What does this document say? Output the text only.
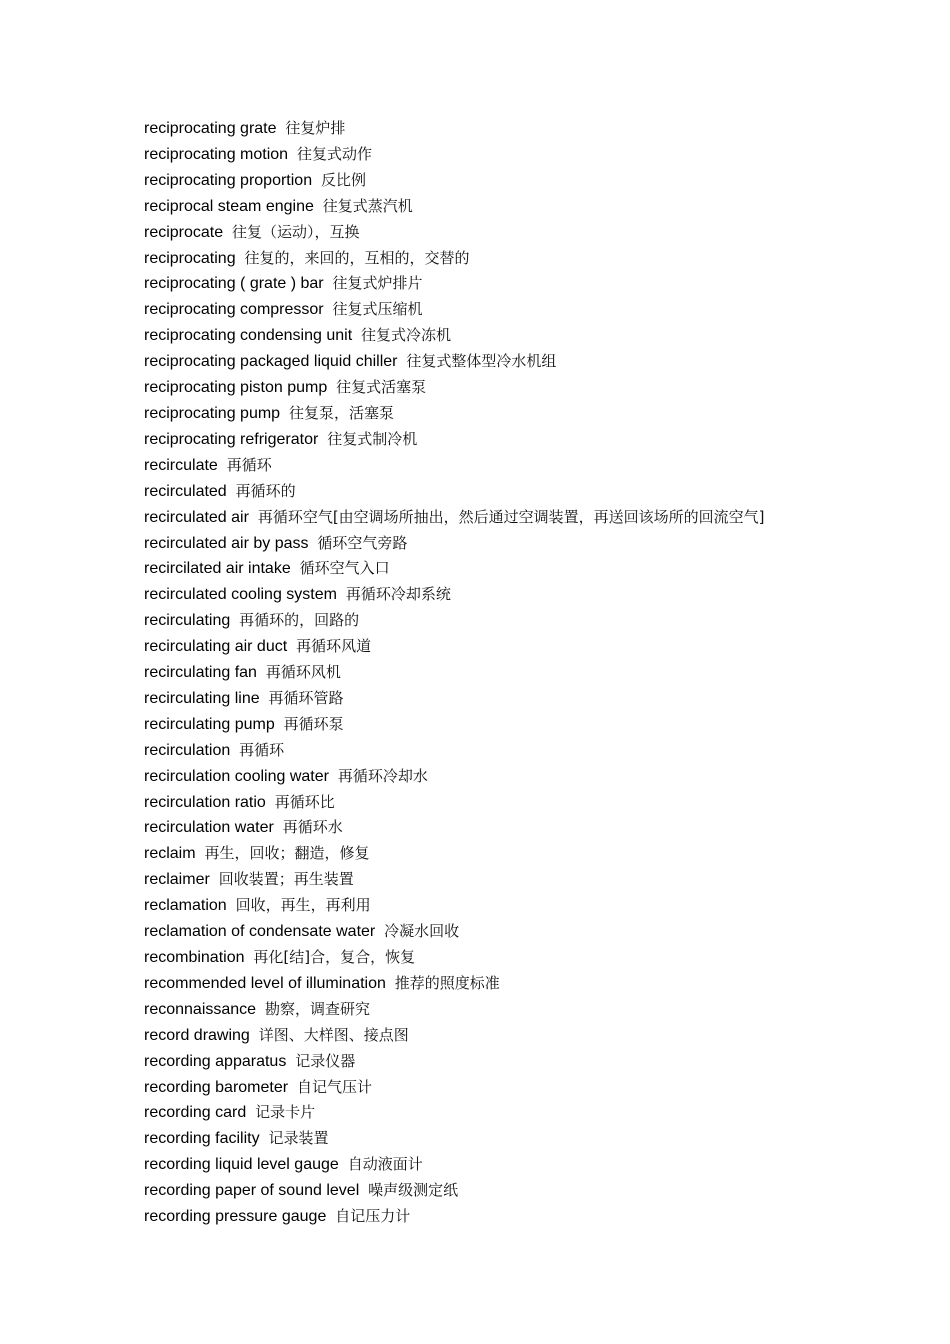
reciprocating grate 往复炉排
reciprocating motion 往复式动作
reciprocating proportion 反比例
reciprocal steam engine 往复式蒸汽机
reciprocate 往复（运动），互换
reciprocating 往复的，来回的，互相的，交替的
reciprocating ( grate ) bar 往复式炉排片
reciprocating compressor 往复式压缩机
reciprocating condensing unit 往复式冷冻机
reciprocating packaged liquid chiller 往复式整体型冷水机组
reciprocating piston pump 往复式活塞泵
reciprocating pump 往复泵，活塞泵
reciprocating refrigerator 往复式制冷机
recirculate 再循环
recirculated 再循环的
recirculated air 再循环空气[由空调场所抽出，然后通过空调装置，再送回该场所的回流空气]
recirculated air by pass 循环空气旁路
recircilated air intake 循环空气入口
recirculated cooling system 再循环冷却系统
recirculating 再循环的，回路的
recirculating air duct 再循环风道
recirculating fan 再循环风机
recirculating line 再循环管路
recirculating pump 再循环泵
recirculation 再循环
recirculation cooling water 再循环冷却水
recirculation ratio 再循环比
recirculation water 再循环水
reclaim 再生，回收；翻造，修复
reclaimer 回收装置；再生装置
reclamation 回收，再生，再利用
reclamation of condensate water 冷凝水回收
recombination 再化[结]合，复合，恢复
recommended level of illumination 推荐的照度标准
reconnaissance 勘察，调查研究
record drawing 详图、大样图、接点图
recording apparatus 记录仪器
recording barometer 自记气压计
recording card 记录卡片
recording facility 记录装置
recording liquid level gauge 自动液面计
recording paper of sound level 噪声级测定纸
recording pressure gauge 自记压力计
